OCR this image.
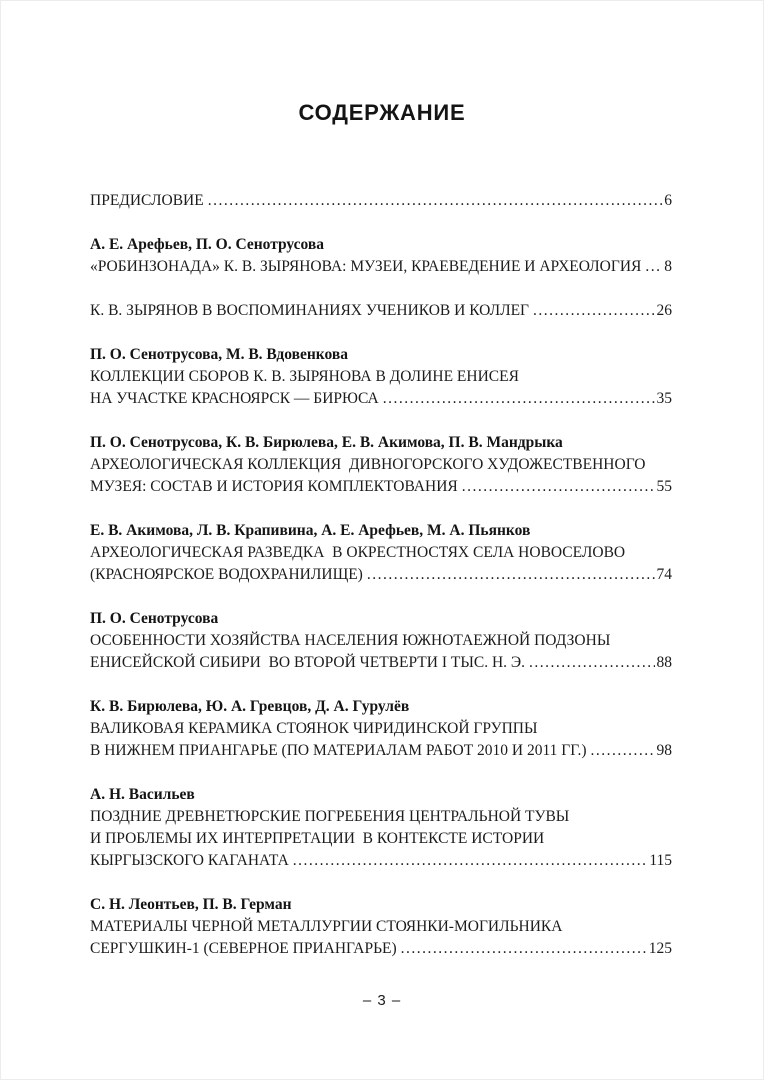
СОДЕРЖАНИЕ
ПРЕДИСЛОВИЕ .....	6
А. Е. Арефьев, П. О. Сенотрусова
«РОБИНЗОНАДА» К. В. ЗЫРЯНОВА: МУЗЕИ, КРАЕВЕДЕНИЕ И АРХЕОЛОГИЯ ..... 8
К. В. ЗЫРЯНОВ В ВОСПОМИНАНИЯХ УЧЕНИКОВ И КОЛЛЕГ .....	26
П. О. Сенотрусова, М. В. Вдовенкова
КОЛЛЕКЦИИ СБОРОВ К. В. ЗЫРЯНОВА В ДОЛИНЕ ЕНИСЕЯ
НА УЧАСТКЕ КРАСНОЯРСК — БИРЮСА .....	35
П. О. Сенотрусова, К. В. Бирюлева, Е. В. Акимова, П. В. Мандрыка
АРХЕОЛОГИЧЕСКАЯ КОЛЛЕКЦИЯ  ДИВНОГОРСКОГО ХУДОЖЕСТВЕННОГО
МУЗЕЯ: СОСТАВ И ИСТОРИЯ КОМПЛЕКТОВАНИЯ .....	55
Е. В. Акимова, Л. В. Крапивина, А. Е. Арефьев, М. А. Пьянков
АРХЕОЛОГИЧЕСКАЯ РАЗВЕДКА  В ОКРЕСТНОСТЯХ СЕЛА НОВОСЕЛОВО
(КРАСНОЯРСКОЕ ВОДОХРАНИЛИЩЕ) .....	74
П. О. Сенотрусова
ОСОБЕННОСТИ ХОЗЯЙСТВА НАСЕЛЕНИЯ ЮЖНОТАЕЖНОЙ ПОДЗОНЫ
ЕНИСЕЙСКОЙ СИБИРИ  ВО ВТОРОЙ ЧЕТВЕРТИ I ТЫС. Н. Э. .....	88
К. В. Бирюлева, Ю. А. Гревцов, Д. А. Гурулёв
ВАЛИКОВАЯ КЕРАМИКА СТОЯНОК ЧИРИДИНСКОЙ ГРУППЫ
В НИЖНЕМ ПРИАНГАРЬЕ (ПО МАТЕРИАЛАМ РАБОТ 2010 И 2011 ГГ.) .....	98
А. Н. Васильев
ПОЗДНИЕ ДРЕВНЕТЮРСКИЕ ПОГРЕБЕНИЯ ЦЕНТРАЛЬНОЙ ТУВЫ
И ПРОБЛЕМЫ ИХ ИНТЕРПРЕТАЦИИ  В КОНТЕКСТЕ ИСТОРИИ
КЫРГЫЗСКОГО КАГАНАТА .....	115
С. Н. Леонтьев, П. В. Герман
МАТЕРИАЛЫ ЧЕРНОЙ МЕТАЛЛУРГИИ СТОЯНКИ-МОГИЛЬНИКА
СЕРГУШКИН-1 (СЕВЕРНОЕ ПРИАНГАРЬЕ) .....	125
– 3 –
